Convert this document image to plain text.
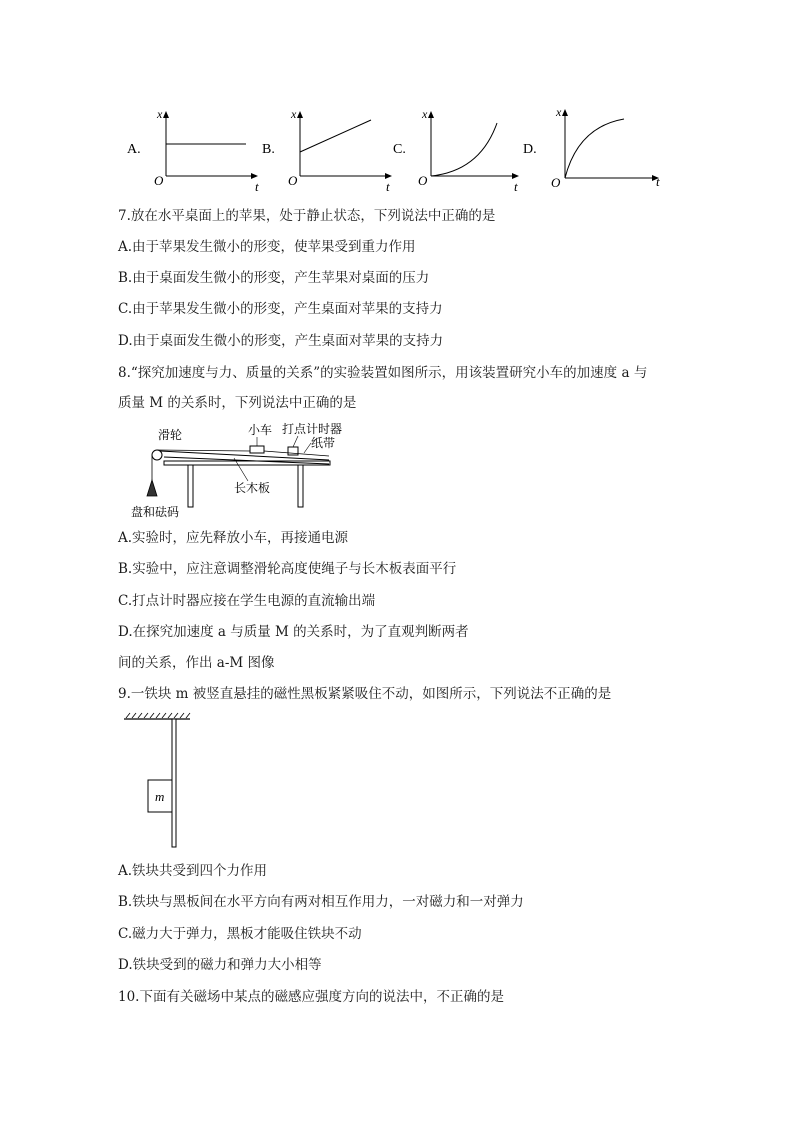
A.
x
t
O
B.
x
t
O
C.
x
t
O
D.
x
t
O
7.放在水平桌面上的苹果，处于静止状态，下列说法中正确的是
A.由于苹果发生微小的形变，使苹果受到重力作用
B.由于桌面发生微小的形变，产生苹果对桌面的压力
C.由于苹果发生微小的形变，产生桌面对苹果的支持力
D.由于桌面发生微小的形变，产生桌面对苹果的支持力
8.“探究加速度与力、质量的关系”的实验装置如图所示，用该装置研究小车的加速度 a 与
质量 M 的关系时，下列说法中正确的是
滑轮	小车 打点计时器
纸带
长木板
盘和砝码
A.实验时，应先释放小车，再接通电源
B.实验中，应注意调整滑轮高度使绳子与长木板表面平行
C.打点计时器应接在学生电源的直流输出端
D.在探究加速度 a 与质量 M 的关系时，为了直观判断两者
间的关系，作出 a-M 图像
9.一铁块 m 被竖直悬挂的磁性黑板紧紧吸住不动，如图所示，下列说法不正确的是
m
A.铁块共受到四个力作用
B.铁块与黑板间在水平方向有两对相互作用力，一对磁力和一对弹力
C.磁力大于弹力，黑板才能吸住铁块不动
D.铁块受到的磁力和弹力大小相等
10.下面有关磁场中某点的磁感应强度方向的说法中，不正确的是
